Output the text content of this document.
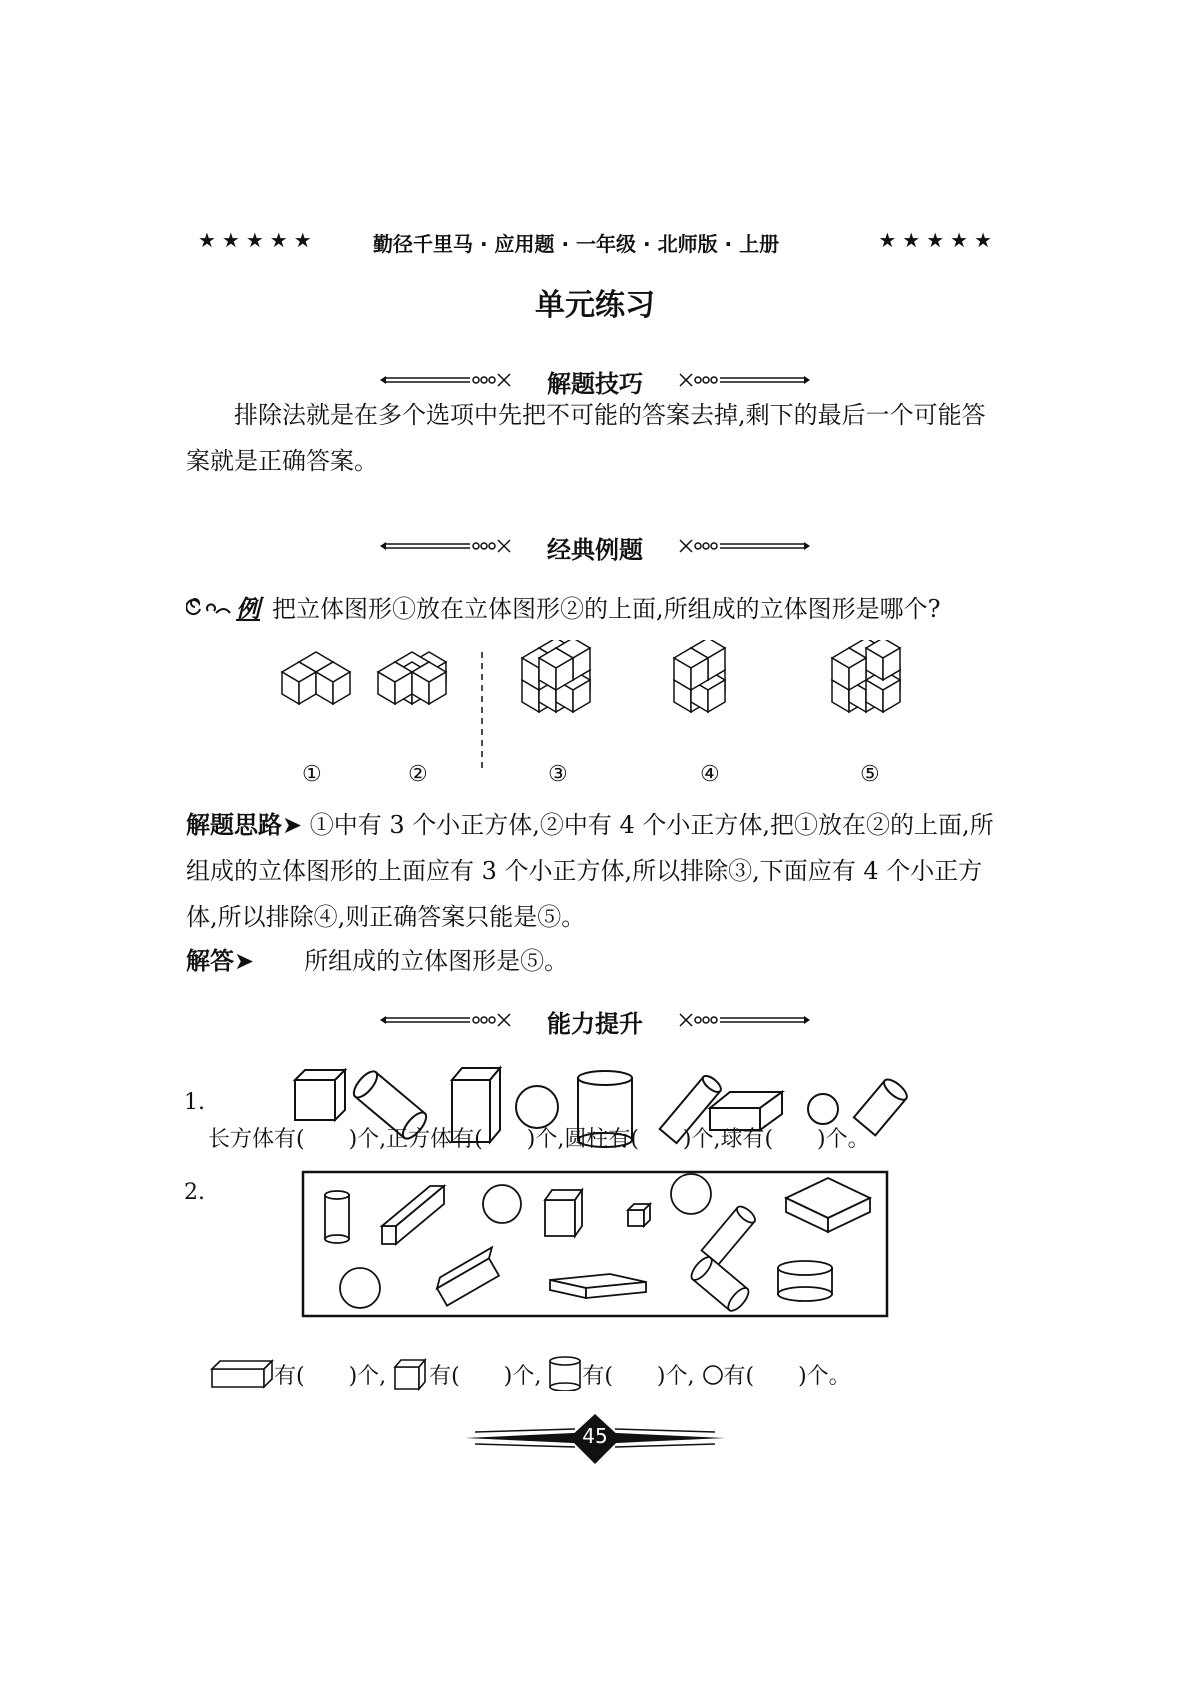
★★★★★	勤径千里马 · 应用题 · 一年级 · 北师版 · 上册	★★★★★
单元练习
解题技巧
排除法就是在多个选项中先把不可能的答案去掉,剩下的最后一个可能答案就是正确答案。
经典例题
例 把立体图形①放在立体图形②的上面,所组成的立体图形是哪个?
①	②	③	④	⑤
解题思路➤ ①中有 3 个小正方体,②中有 4 个小正方体,把①放在②的上面,所组成的立体图形的上面应有 3 个小正方体,所以排除③,下面应有 4 个小正方体,所以排除④,则正确答案只能是⑤。
解答➤ 所组成的立体图形是⑤。
能力提升
1.
长方体有(　　)个,正方体有(　　)个,圆柱有(　　)个,球有(　　)个。
2.
有(　　)个, 有(　　)个, 有(　　)个, 有(　　)个。
45
